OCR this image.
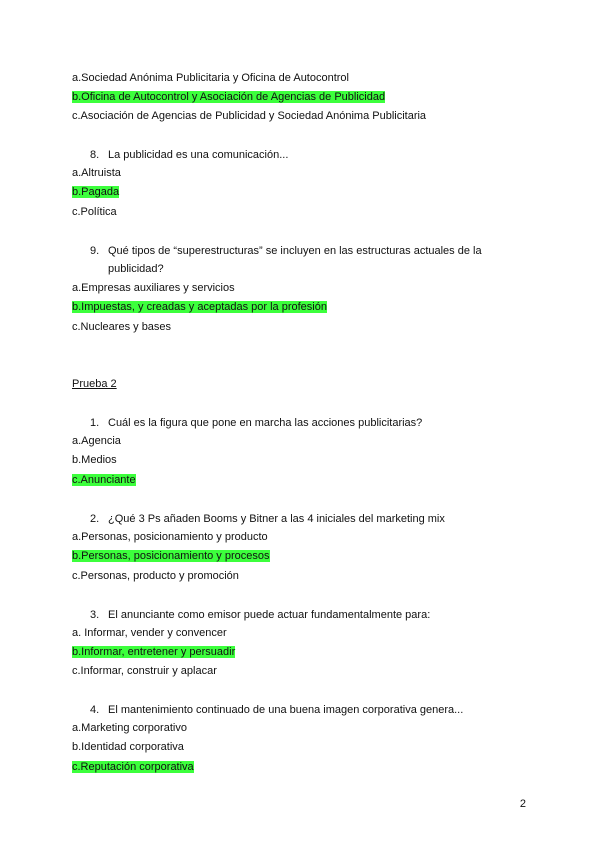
a.Sociedad Anónima Publicitaria y Oficina de Autocontrol
b.Oficina de Autocontrol y Asociación de Agencias de Publicidad
c.Asociación de Agencias de Publicidad y Sociedad Anónima Publicitaria
8. La publicidad es una comunicación...
a.Altruista
b.Pagada
c.Política
9. Qué tipos de “superestructuras” se incluyen en las estructuras actuales de la
publicidad?
a.Empresas auxiliares y servicios
b.Impuestas, y creadas y aceptadas por la profesión
c.Nucleares y bases
Prueba 2
1. Cuál es la figura que pone en marcha las acciones publicitarias?
a.Agencia
b.Medios
c.Anunciante
2. ¿Qué 3 Ps añaden Booms y Bitner a las 4 iniciales del marketing mix
a.Personas, posicionamiento y producto
b.Personas, posicionamiento y procesos
c.Personas, producto y promoción
3. El anunciante como emisor puede actuar fundamentalmente para:
a. Informar, vender y convencer
b.Informar, entretener y persuadir
c.Informar, construir y aplacar
4. El mantenimiento continuado de una buena imagen corporativa genera...
a.Marketing corporativo
b.Identidad corporativa
c.Reputación corporativa
2
